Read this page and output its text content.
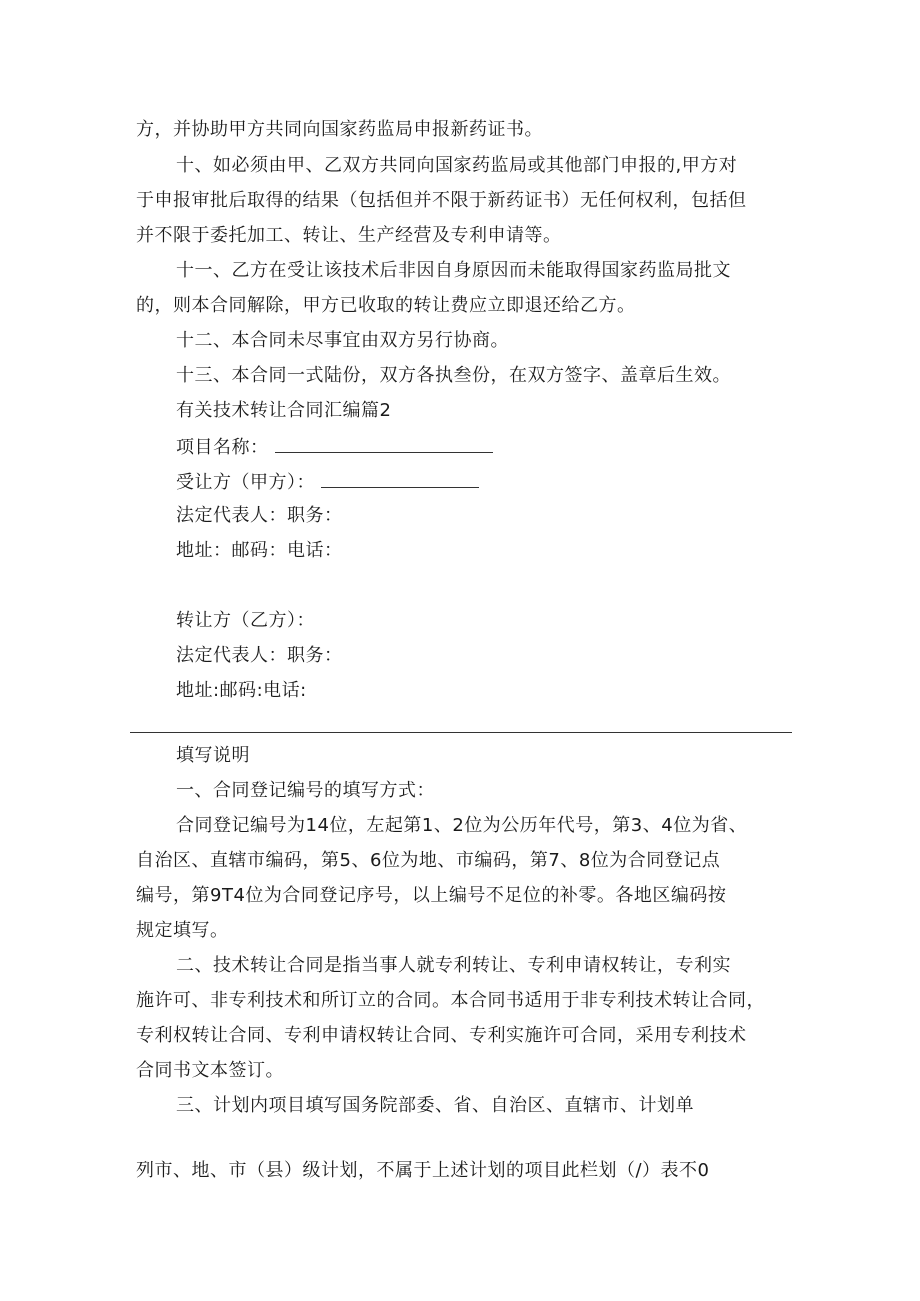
方，并协助甲方共同向国家药监局申报新药证书。
十、如必须由甲、乙双方共同向国家药监局或其他部门申报的,甲方对
于申报审批后取得的结果（包括但并不限于新药证书）无任何权利，包括但
并不限于委托加工、转让、生产经营及专利申请等。
十一、乙方在受让该技术后非因自身原因而未能取得国家药监局批文
的，则本合同解除，甲方已收取的转让费应立即退还给乙方。
十二、本合同未尽事宜由双方另行协商。
十三、本合同一式陆份，双方各执叁份，在双方签字、盖章后生效。
有关技术转让合同汇编篇2
项目名称：
受让方（甲方）：
法定代表人：职务：
地址：邮码：电话：
转让方（乙方）：
法定代表人：职务：
地址:邮码:电话:
填写说明
一、合同登记编号的填写方式：
合同登记编号为14位，左起第1、2位为公历年代号，第3、4位为省、
自治区、直辖市编码，第5、6位为地、市编码，第7、8位为合同登记点
编号，第9T4位为合同登记序号，以上编号不足位的补零。各地区编码按
规定填写。
二、技术转让合同是指当事人就专利转让、专利申请权转让，专利实
施许可、非专利技术和所订立的合同。本合同书适用于非专利技术转让合同，
专利权转让合同、专利申请权转让合同、专利实施许可合同，采用专利技术
合同书文本签订。
三、计划内项目填写国务院部委、省、自治区、直辖市、计划单
列市、地、市（县）级计划，不属于上述计划的项目此栏划（/）表不0
